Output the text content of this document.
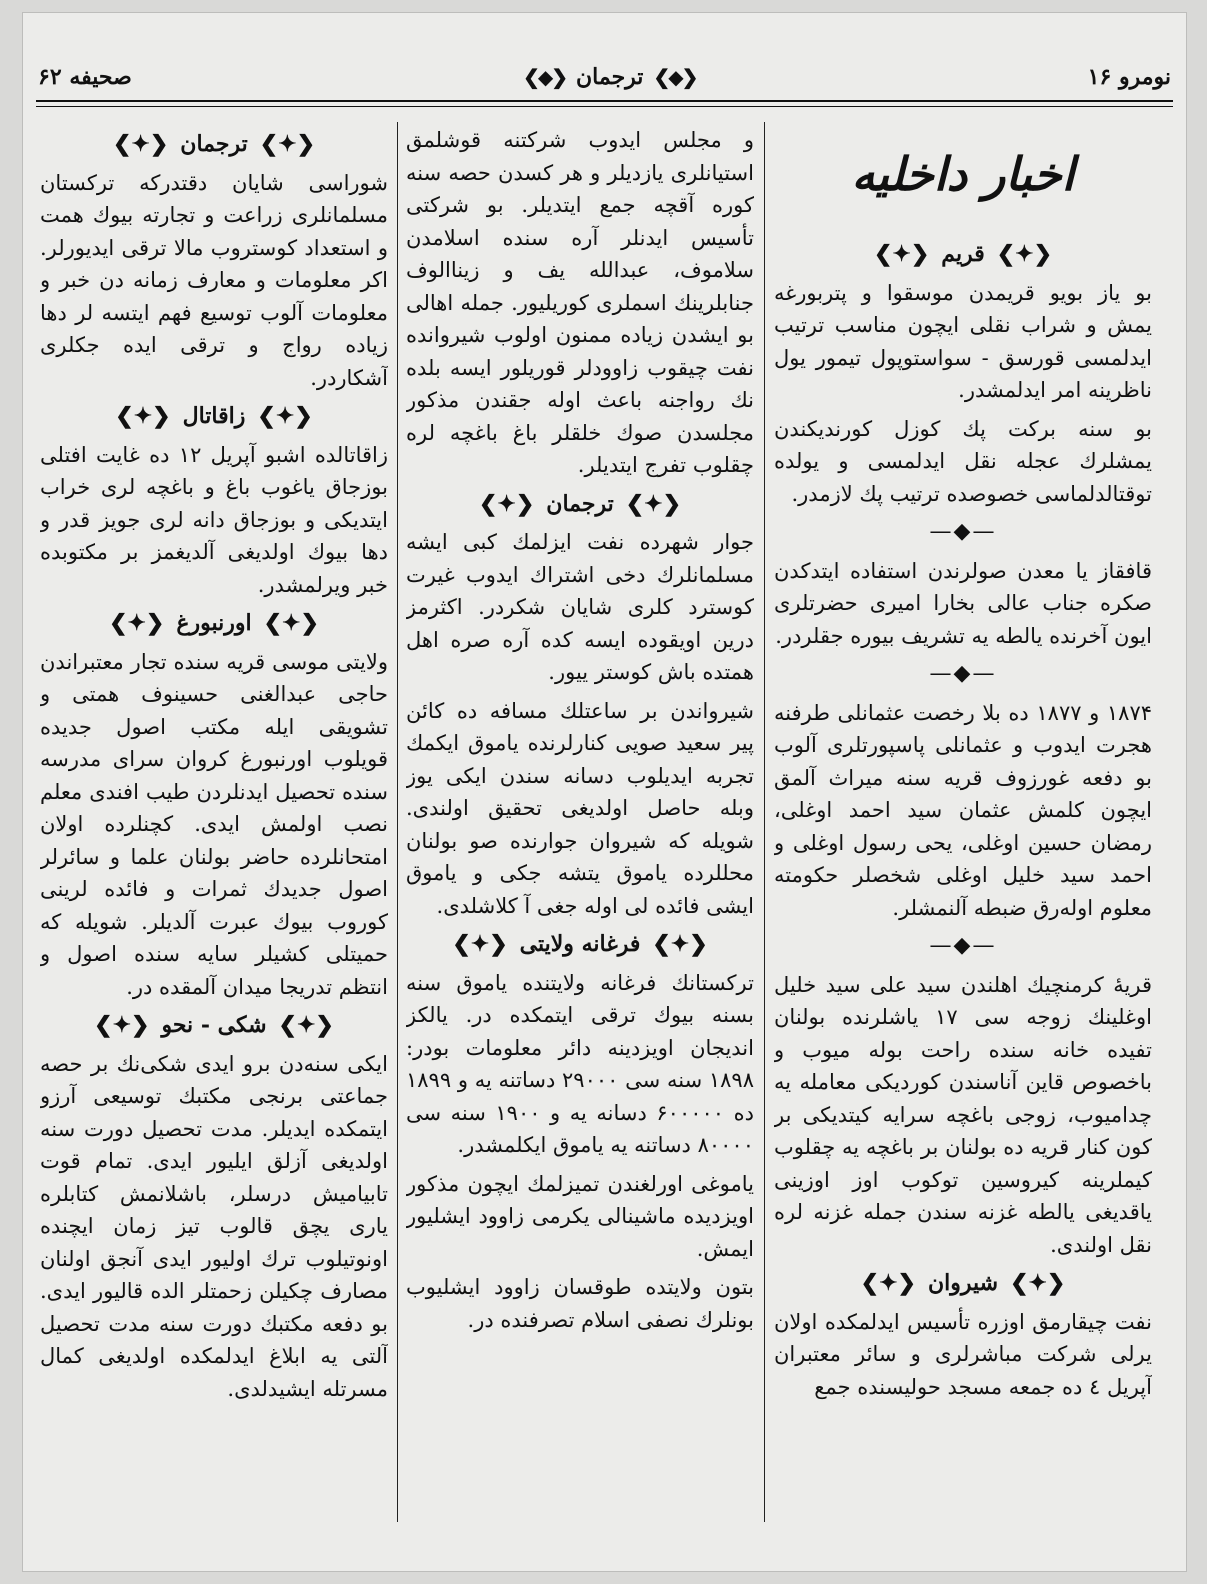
نومرو ۱۶
❮◆❯
ترجمان
❮◆❯
صحیفه ۶۲
اخبار داخلیه
❮✦❯
قریم
❮✦❯

بو یاز بویو قریمدن موسقوا و پتربورغه یمش و شراب نقلی ایچون مناسب ترتیب ایدلمسی قورسق - سواستوپول تیمور یول ناظرینه امر ایدلمشدر.

بو سنه برکت پك کوزل کورندیکندن یمشلرك عجله نقل ایدلمسی و یولده توقتالدلماسی خصوصده ترتیب پك لازمدر.

—◆—

قافقاز یا معدن صولرندن استفاده ایتدکدن صکره جناب عالی بخارا امیری حضرتلری ایون آخرنده یالطه یه تشریف بیوره جقلردر.

—◆—

۱۸۷۴ و ۱۸۷۷ ده بلا رخصت عثمانلی طرفنه هجرت ایدوب و عثمانلی پاسپورتلری آلوب بو دفعه غورزوف قریه سنه میراث آلمق ایچون کلمش عثمان سید احمد اوغلی، رمضان حسین اوغلی، یحی رسول اوغلی و احمد سید خلیل اوغلی شخصلر حکومته معلوم اوله‌رق ضبطه آلنمشلر.

—◆—

قریهٔ کرمنچیك اهلندن سید علی سید خلیل اوغلینك زوجه سی ۱۷ یاشلرنده بولنان تفیده خانه سنده راحت بوله میوب و باخصوص قاین آناسندن کوردیکی معامله یه چدامیوب، زوجی باغچه سرایه کیتدیکی بر کون کنار قریه ده بولنان بر باغچه یه چقلوب کیملرینه کیروسین توکوب اوز اوزینی یاقدیغی یالطه غزنه سندن جمله غزنه لره نقل اولندی.

❮✦❯
شیروان
❮✦❯

نفت چیقارمق اوزره تأسیس ایدلمکده اولان یرلی شرکت مباشرلری و سائر معتبران آپریل ٤ ده جمعه مسجد حولیسنده جمع

و مجلس ایدوب شرکتنه قوشلمق استیانلری یازدیلر و هر کسدن حصه سنه کوره آقچه جمع ایتدیلر. بو شرکتی تأسیس ایدنلر آره سنده اسلامدن سلاموف، عبدالله یف و زیناالوف جنابلرینك اسملری کوریلیور. جمله اهالی بو ایشدن زیاده ممنون اولوب شیروانده نفت چیقوب زاوودلر قوریلور ایسه بلده نك رواجنه باعث اوله جقندن مذکور مجلسدن صوك خلقلر باغ باغچه لره چقلوب تفرج ایتدیلر.

❮✦❯
ترجمان
❮✦❯

جوار شهرده نفت ایزلمك کبی ایشه مسلمانلرك دخی اشتراك ایدوب غیرت کوسترد کلری شایان شکردر. اکثرمز درین اویقوده ایسه کده آره صره اهل همتده باش کوستر ییور.

شیرواندن بر ساعتلك مسافه ده کائن پیر سعید صویی کنارلرنده یاموق ایکمك تجربه ایدیلوب دسانه سندن ایکی یوز وبله حاصل اولدیغی تحقیق اولندی. شویله که شیروان جوارنده صو بولنان محللرده یاموق یتشه جکی و یاموق ایشی فائده لی اوله جغی آ کلاشلدی.

❮✦❯
فرغانه ولایتی
❮✦❯

ترکستانك فرغانه ولایتنده یاموق سنه بسنه بیوك ترقی ایتمکده در. یالکز اندیجان اویزدینه دائر معلومات بودر: ۱۸۹۸ سنه سی ۲۹۰۰۰ دساتنه یه و ۱۸۹۹ ده ۶۰۰۰۰۰ دسانه یه و ۱۹۰۰ سنه سی ۸۰۰۰۰ دساتنه یه یاموق ایکلمشدر.

یاموغی اورلغندن تمیزلمك ایچون مذکور اویزدیده ماشینالی یکرمی زاوود ایشلیور ایمش.

بتون ولایتده طوقسان زاوود ایشلیوب بونلرك نصفی اسلام تصرفنده در.

❮✦❯
ترجمان
❮✦❯

شوراسی شایان دقتدرکه ترکستان مسلمانلری زراعت و تجارته بیوك همت و استعداد کوستروب مالا ترقی ایدیورلر. اکر معلومات و معارف زمانه دن خبر و معلومات آلوب توسیع فهم ایتسه لر دها زیاده رواج و ترقی ایده جکلری آشکاردر.

❮✦❯
زاقاتال
❮✦❯

زاقاتالده اشبو آپریل ۱۲ ده غایت افتلی بوزجاق یاغوب باغ و باغچه لری خراب ایتدیکی و بوزجاق دانه لری جویز قدر و دها بیوك اولدیغی آلدیغمز بر مکتوبده خبر ویرلمشدر.

❮✦❯
اورنبورغ
❮✦❯

ولایتی موسی قریه سنده تجار معتبراندن حاجی عبدالغنی حسینوف همتی و تشویقی ایله مکتب اصول جدیده قویلوب اورنبورغ کروان سرای مدرسه سنده تحصیل ایدنلردن طیب افندی معلم نصب اولمش ایدی. کچنلرده اولان امتحانلرده حاضر بولنان علما و سائرلر اصول جدیدك ثمرات و فائده لرینی کوروب بیوك عبرت آلدیلر. شویله که حمیتلی کشیلر سایه سنده اصول و انتظم تدریجا میدان آلمقده در.

❮✦❯
شکی - نحو
❮✦❯

ایکی سنه‌دن برو ایدی شکی‌نك بر حصه جماعتی برنجی مکتبك توسیعی آرزو ایتمکده ایدیلر. مدت تحصیل دورت سنه اولدیغی آزلق ایلیور ایدی. تمام قوت تابیامیش درسلر، باشلانمش کتابلره یاری یچق قالوب تیز زمان ایچنده اونوتیلوب ترك اولیور ایدی آنجق اولنان مصارف چکیلن زحمتلر الده قالیور ایدی. بو دفعه مکتبك دورت سنه مدت تحصیل آلتی یه ابلاغ ایدلمکده اولدیغی کمال مسرتله ایشیدلدی.
